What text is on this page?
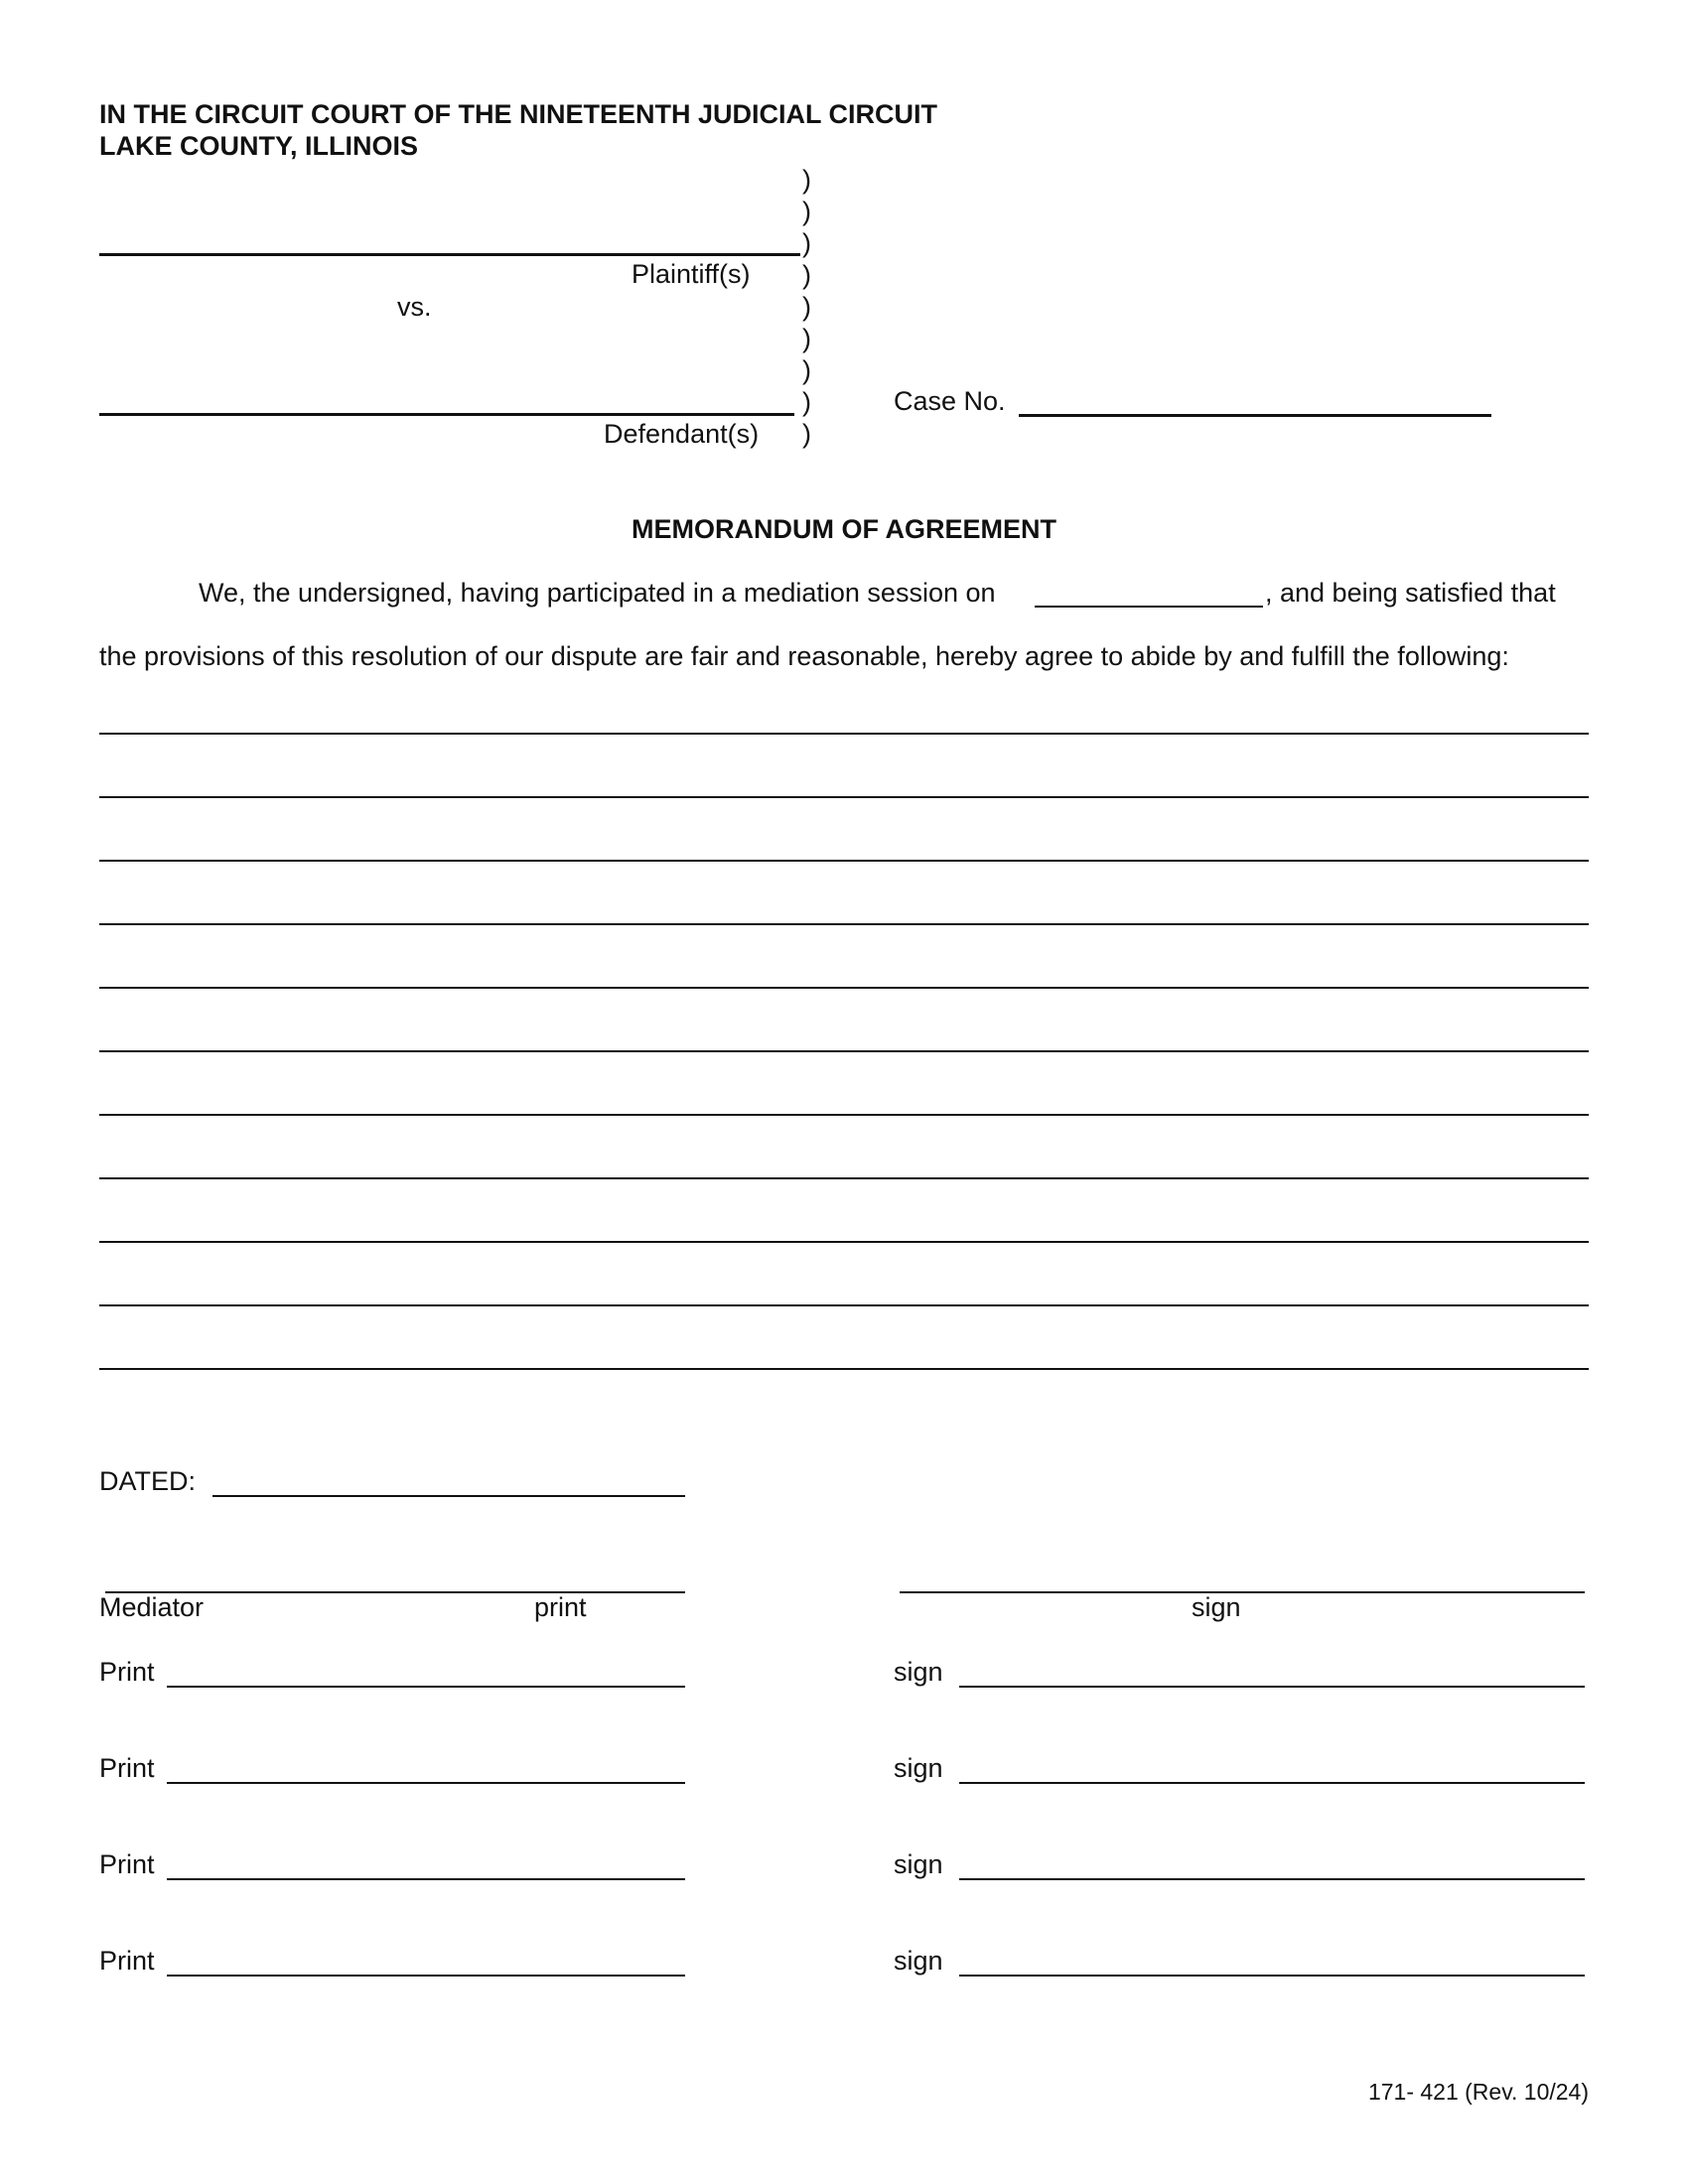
IN THE CIRCUIT COURT OF THE NINETEENTH JUDICIAL CIRCUIT
LAKE COUNTY, ILLINOIS
)
)
)
)
)
)
)
)
)
Plaintiff(s)
vs.
Defendant(s)
Case No.
MEMORANDUM OF AGREEMENT
We, the undersigned, having participated in a mediation session on	, and being satisfied that
the provisions of this resolution of our dispute are fair and reasonable, hereby agree to abide by and fulfill the following:
DATED:
Mediator	print	sign
Print	sign
Print	sign
Print	sign
Print	sign
171- 421 (Rev. 10/24)
